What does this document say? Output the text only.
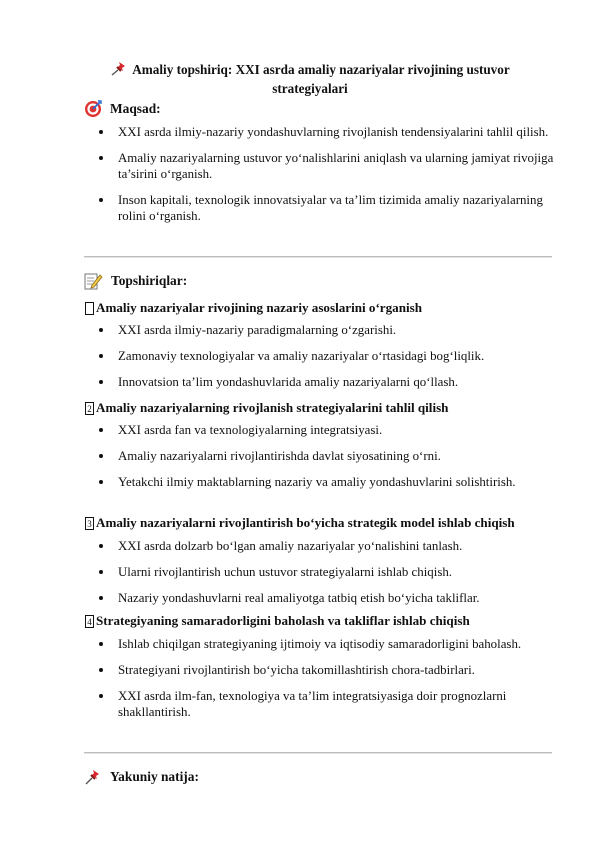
Amaliy topshiriq: XXI asrda amaliy nazariyalar rivojining ustuvor
strategiyalari
Maqsad:
XXI asrda ilmiy-nazariy yondashuvlarning rivojlanish tendensiyalarini tahlil qilish.
Amaliy nazariyalarning ustuvor yo‘nalishlarini aniqlash va ularning jamiyat rivojiga ta’sirini o‘rganish.
Inson kapitali, texnologik innovatsiyalar va ta’lim tizimida amaliy nazariyalarning rolini o‘rganish.
Topshiriqlar:
Amaliy nazariyalar rivojining nazariy asoslarini o‘rganish
XXI asrda ilmiy-nazariy paradigmalarning o‘zgarishi.
Zamonaviy texnologiyalar va amaliy nazariyalar o‘rtasidagi bog‘liqlik.
Innovatsion ta’lim yondashuvlarida amaliy nazariyalarni qo‘llash.
2 Amaliy nazariyalarning rivojlanish strategiyalarini tahlil qilish
XXI asrda fan va texnologiyalarning integratsiyasi.
Amaliy nazariyalarni rivojlantirishda davlat siyosatining o‘rni.
Yetakchi ilmiy maktablarning nazariy va amaliy yondashuvlarini solishtirish.
3 Amaliy nazariyalarni rivojlantirish bo‘yicha strategik model ishlab chiqish
XXI asrda dolzarb bo‘lgan amaliy nazariyalar yo‘nalishini tanlash.
Ularni rivojlantirish uchun ustuvor strategiyalarni ishlab chiqish.
Nazariy yondashuvlarni real amaliyotga tatbiq etish bo‘yicha takliflar.
4 Strategiyaning samaradorligini baholash va takliflar ishlab chiqish
Ishlab chiqilgan strategiyaning ijtimoiy va iqtisodiy samaradorligini baholash.
Strategiyani rivojlantirish bo‘yicha takomillashtirish chora-tadbirlari.
XXI asrda ilm-fan, texnologiya va ta’lim integratsiyasiga doir prognozlarni shakllantirish.
Yakuniy natija:
